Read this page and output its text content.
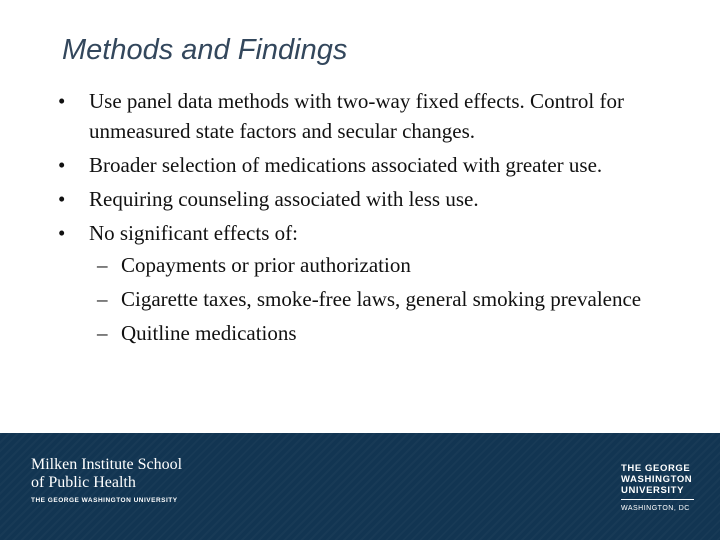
Methods and Findings
• Use panel data methods with two-way fixed effects. Control for unmeasured state factors and secular changes.
• Broader selection of medications associated with greater use.
• Requiring counseling associated with less use.
• No significant effects of:
– Copayments or prior authorization
– Cigarette taxes, smoke-free laws, general smoking prevalence
– Quitline medications
Milken Institute School
of Public Health
THE GEORGE WASHINGTON UNIVERSITY
THE GEORGE
WASHINGTON
UNIVERSITY
WASHINGTON, DC
